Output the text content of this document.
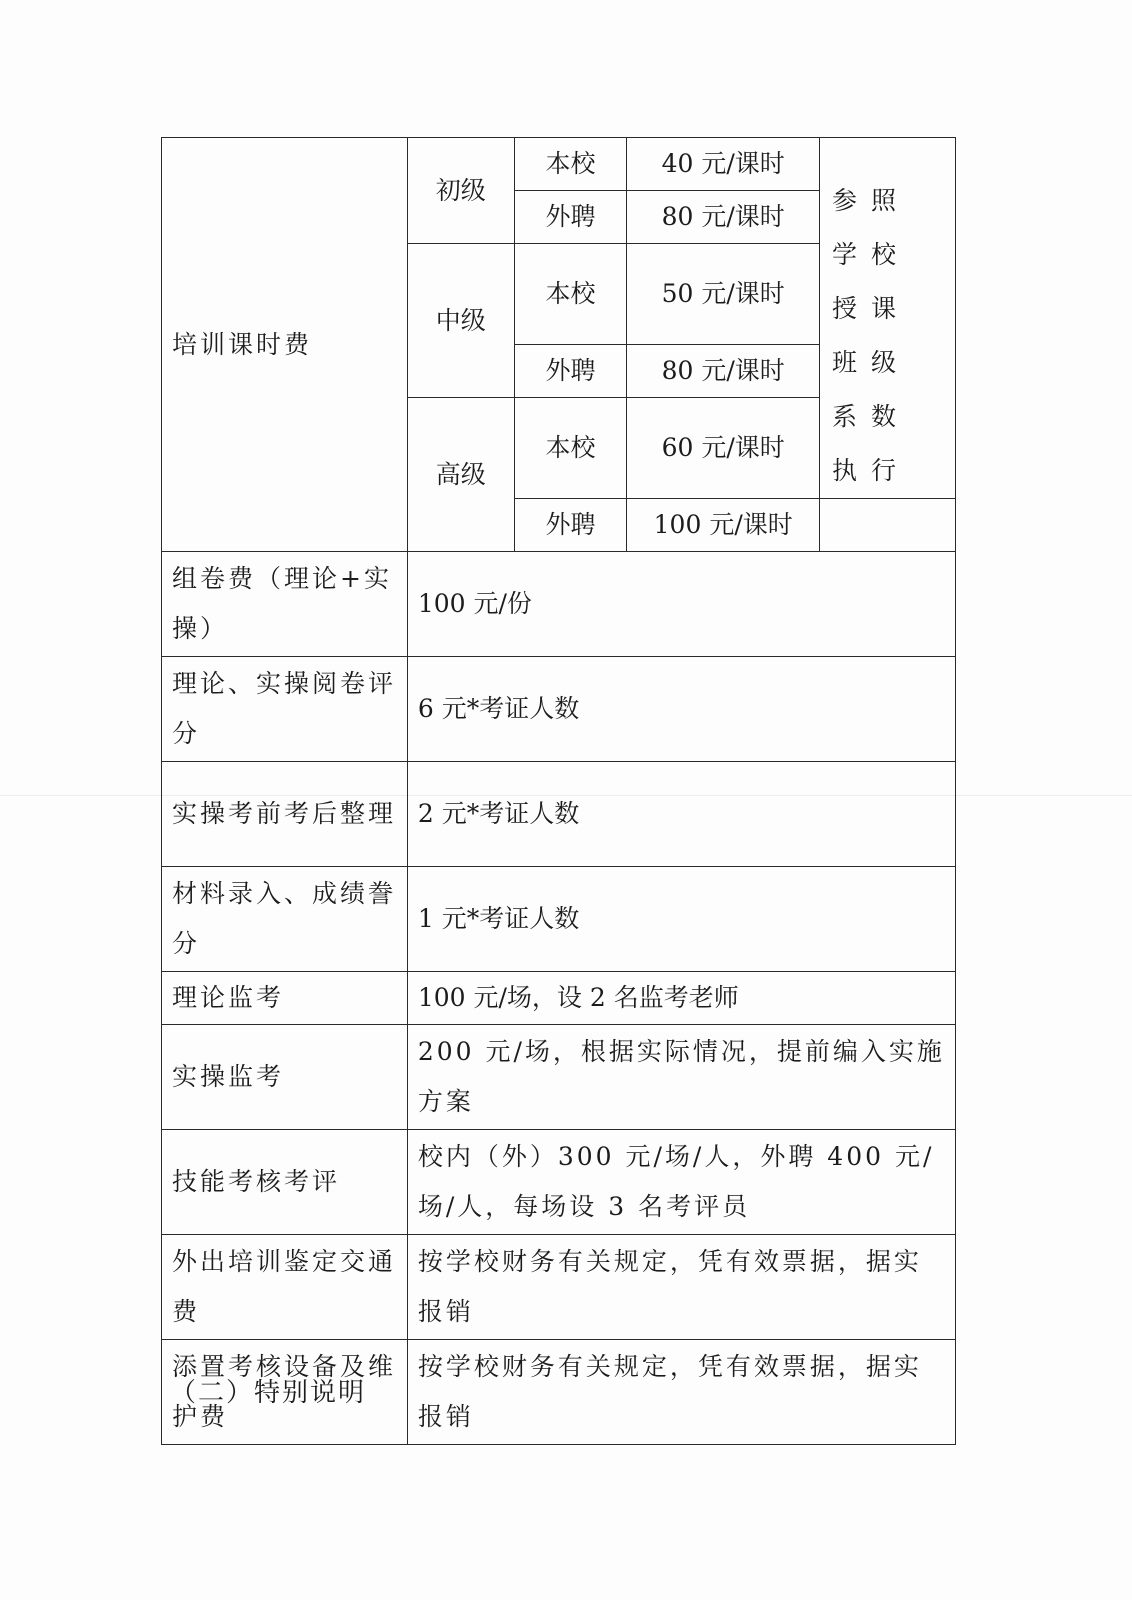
培训课时费	初级	本校	40 元/课时	参照学校授课班级系数执行
		外聘	80 元/课时	
	中级	本校	50 元/课时	
		外聘	80 元/课时	
	高级	本校	60 元/课时	
		外聘	100 元/课时	
组卷费（理论+实操）	100 元/份			
理论、实操阅卷评分	6 元*考证人数			
实操考前考后整理	2 元*考证人数			
材料录入、成绩誊分	1 元*考证人数			
理论监考	100 元/场，设 2 名监考老师			
实操监考	200 元/场，根据实际情况，提前编入实施方案			
技能考核考评	校内（外）300 元/场/人，外聘 400 元/场/人，每场设 3 名考评员			
外出培训鉴定交通费	按学校财务有关规定，凭有效票据，据实报销			
添置考核设备及维护费	按学校财务有关规定，凭有效票据，据实报销			
（二）特别说明
